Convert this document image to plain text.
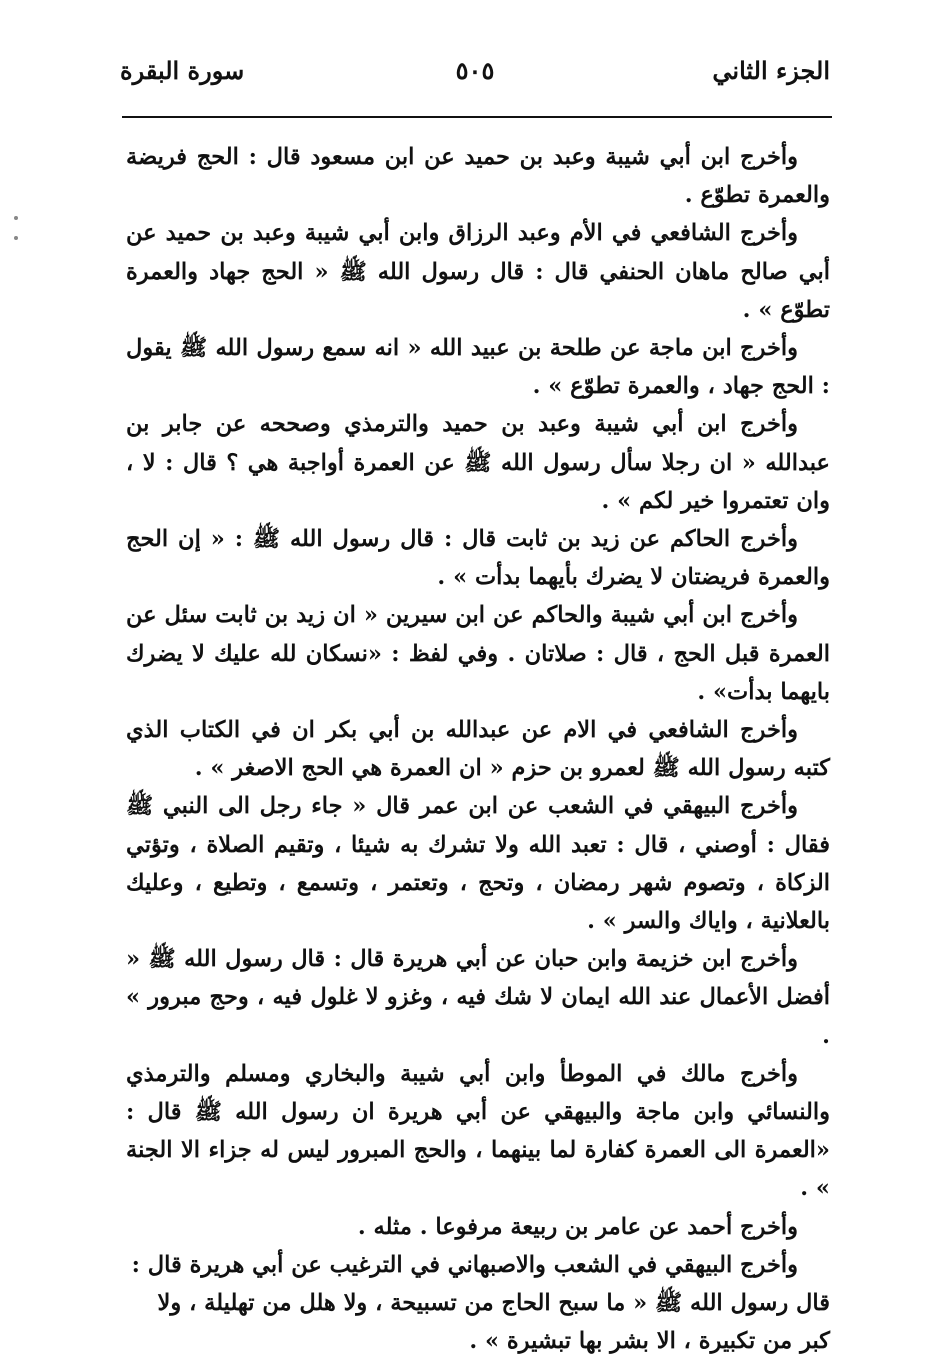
الجزء الثاني
٥٠٥
سورة البقرة

وأخرج ابن أبي شيبة وعبد بن حميد عن ابن مسعود قال : الحج فريضة والعمرة تطوّع .

وأخرج الشافعي في الأم وعبد الرزاق وابن أبي شيبة وعبد بن حميد عن أبي صالح ماهان الحنفي قال : قال رسول الله ﷺ « الحج جهاد والعمرة تطوّع » .

وأخرج ابن ماجة عن طلحة بن عبيد الله « انه سمع رسول الله ﷺ يقول : الحج جهاد ، والعمرة تطوّع » .

وأخرج ابن أبي شيبة وعبد بن حميد والترمذي وصححه عن جابر بن عبدالله « ان رجلا سأل رسول الله ﷺ عن العمرة أواجبة هي ؟ قال : لا ، وان تعتمروا خير لكم » .

وأخرج الحاكم عن زيد بن ثابت قال : قال رسول الله ﷺ : « إن الحج والعمرة فريضتان لا يضرك بأيهما بدأت » .

وأخرج ابن أبي شيبة والحاكم عن ابن سيرين « ان زيد بن ثابت سئل عن العمرة قبل الحج ، قال : صلاتان . وفي لفظ : «نسكان لله عليك لا يضرك بايهما بدأت» .

وأخرج الشافعي في الام عن عبدالله بن أبي بكر ان في الكتاب الذي كتبه رسول الله ﷺ لعمرو بن حزم « ان العمرة هي الحج الاصغر » .

وأخرج البيهقي في الشعب عن ابن عمر قال « جاء رجل الى النبي ﷺ فقال : أوصني ، قال : تعبد الله ولا تشرك به شيئا ، وتقيم الصلاة ، وتؤتي الزكاة ، وتصوم شهر رمضان ، وتحج ، وتعتمر ، وتسمع ، وتطيع ، وعليك بالعلانية ، واياك والسر » .

وأخرج ابن خزيمة وابن حبان عن أبي هريرة قال : قال رسول الله ﷺ « أفضل الأعمال عند الله ايمان لا شك فيه ، وغزو لا غلول فيه ، وحج مبرور » .

وأخرج مالك في الموطأ وابن أبي شيبة والبخاري ومسلم والترمذي والنسائي وابن ماجة والبيهقي عن أبي هريرة ان رسول الله ﷺ قال : «العمرة الى العمرة كفارة لما بينهما ، والحج المبرور ليس له جزاء الا الجنة » .

وأخرج أحمد عن عامر بن ربيعة مرفوعا . مثله .

وأخرج البيهقي في الشعب والاصبهاني في الترغيب عن أبي هريرة قال : قال رسول الله ﷺ « ما سبح الحاج من تسبيحة ، ولا هلل من تهليلة ، ولا كبر من تكبيرة ، الا بشر بها تبشيرة » .
